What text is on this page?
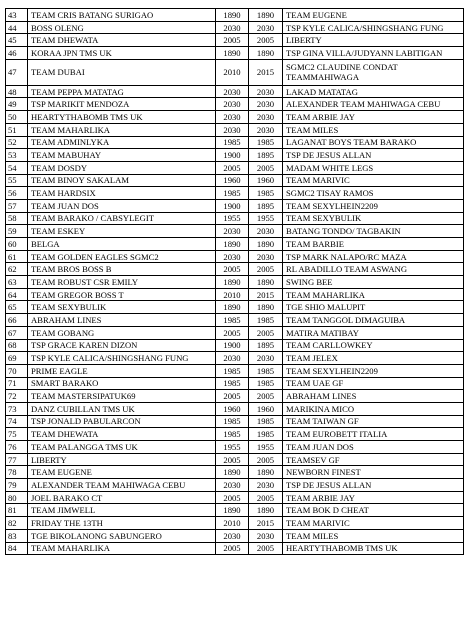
43	TEAM CRIS BATANG SURIGAO	1890	1890	TEAM EUGENE
44	BOSS OLENG	2030	2030	TSP KYLE CALICA/SHINGSHANG FUNG
45	TEAM DHEWATA	2005	2005	LIBERTY
46	KORAA JPN TMS UK	1890	1890	TSP GINA VILLA/JUDYANN LABITIGAN
47	TEAM DUBAI	2010	2015	SGMC2 CLAUDINE CONDAT TEAMMAHIWAGA
48	TEAM PEPPA MATATAG	2030	2030	LAKAD MATATAG
49	TSP MARIKIT MENDOZA	2030	2030	ALEXANDER TEAM MAHIWAGA CEBU
50	HEARTYTHABOMB TMS UK	2030	2030	TEAM ARBIE JAY
51	TEAM MAHARLIKA	2030	2030	TEAM MILES
52	TEAM ADMINLYKA	1985	1985	LAGANAT BOYS TEAM BARAKO
53	TEAM MABUHAY	1900	1895	TSP DE JESUS ALLAN
54	TEAM DOSDY	2005	2005	MADAM WHITE LEGS
55	TEAM BINOY SAKALAM	1960	1960	TEAM MARIVIC
56	TEAM HARDSIX	1985	1985	SGMC2 TISAY RAMOS
57	TEAM JUAN DOS	1900	1895	TEAM SEXYLHEIN2209
58	TEAM BARAKO / CABSYLEGIT	1955	1955	TEAM SEXYBULIK
59	TEAM ESKEY	2030	2030	BATANG TONDO/ TAGBAKIN
60	BELGA	1890	1890	TEAM BARBIE
61	TEAM GOLDEN EAGLES SGMC2	2030	2030	TSP MARK NALAPO/RC MAZA
62	TEAM BROS BOSS B	2005	2005	RL ABADILLO TEAM ASWANG
63	TEAM ROBUST CSR EMILY	1890	1890	SWING BEE
64	TEAM GREGOR BOSS T	2010	2015	TEAM MAHARLIKA
65	TEAM SEXYBULIK	1890	1890	TGE SHIO MALUPIT
66	ABRAHAM LINES	1985	1985	TEAM TANGGOL DIMAGUIBA
67	TEAM GOBANG	2005	2005	MATIRA MATIBAY
68	TSP GRACE KAREN DIZON	1900	1895	TEAM CARLLOWKEY
69	TSP KYLE CALICA/SHINGSHANG FUNG	2030	2030	TEAM JELEX
70	PRIME EAGLE	1985	1985	TEAM SEXYLHEIN2209
71	SMART BARAKO	1985	1985	TEAM UAE GF
72	TEAM MASTERSIPATUK69	2005	2005	ABRAHAM LINES
73	DANZ CUBILLAN TMS UK	1960	1960	MARIKINA MICO
74	TSP JONALD PABULARCON	1985	1985	TEAM TAIWAN GF
75	TEAM DHEWATA	1985	1985	TEAM EUROBETT ITALIA
76	TEAM PALANGGA TMS UK	1955	1955	TEAM JUAN DOS
77	LIBERTY	2005	2005	TEAMSEV GF
78	TEAM EUGENE	1890	1890	NEWBORN FINEST
79	ALEXANDER TEAM MAHIWAGA CEBU	2030	2030	TSP DE JESUS ALLAN
80	JOEL BARAKO CT	2005	2005	TEAM ARBIE JAY
81	TEAM JIMWELL	1890	1890	TEAM BOK D CHEAT
82	FRIDAY THE 13TH	2010	2015	TEAM MARIVIC
83	TGE BIKOLANONG SABUNGERO	2030	2030	TEAM MILES
84	TEAM MAHARLIKA	2005	2005	HEARTYTHABOMB TMS UK
